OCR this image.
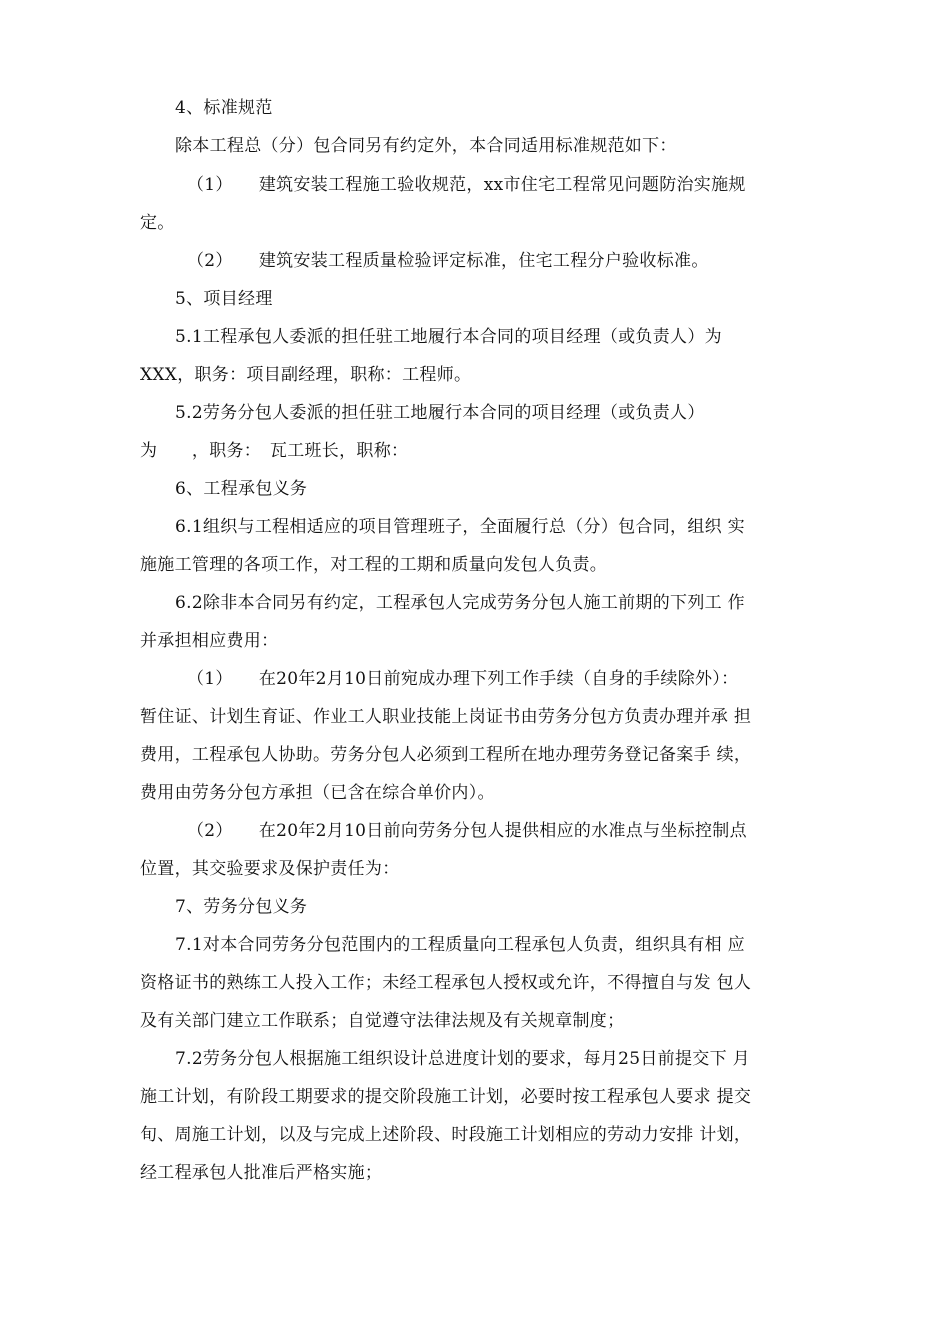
4、标准规范
除本工程总（分）包合同另有约定外，本合同适用标准规范如下：
（1）　　建筑安装工程施工验收规范，xx市住宅工程常见问题防治实施规
定。
（2）　　建筑安装工程质量检验评定标准，住宅工程分户验收标准。
5、项目经理
5.1工程承包人委派的担任驻工地履行本合同的项目经理（或负责人）为
XXX，职务：项目副经理，职称：工程师。
5.2劳务分包人委派的担任驻工地履行本合同的项目经理（或负责人）
为　　，职务：　瓦工班长，职称：
6、工程承包义务
6.1组织与工程相适应的项目管理班子，全面履行总（分）包合同，组织 实
施施工管理的各项工作，对工程的工期和质量向发包人负责。
6.2除非本合同另有约定，工程承包人完成劳务分包人施工前期的下列工 作
并承担相应费用：
（1）　　在20年2月10日前宛成办理下列工作手续（自身的手续除外）：
暂住证、计划生育证、作业工人职业技能上岗证书由劳务分包方负责办理并承 担
费用，工程承包人协助。劳务分包人必须到工程所在地办理劳务登记备案手 续，
费用由劳务分包方承担（已含在综合单价内）。
（2）　　在20年2月10日前向劳务分包人提供相应的水准点与坐标控制点
位置，其交验要求及保护责任为：
7、劳务分包义务
7.1对本合同劳务分包范围内的工程质量向工程承包人负责，组织具有相 应
资格证书的熟练工人投入工作；未经工程承包人授权或允许，不得擅自与发 包人
及有关部门建立工作联系；自觉遵守法律法规及有关规章制度；
7.2劳务分包人根据施工组织设计总进度计划的要求，每月25日前提交下 月
施工计划，有阶段工期要求的提交阶段施工计划，必要时按工程承包人要求 提交
旬、周施工计划，以及与完成上述阶段、时段施工计划相应的劳动力安排 计划，
经工程承包人批准后严格实施；
